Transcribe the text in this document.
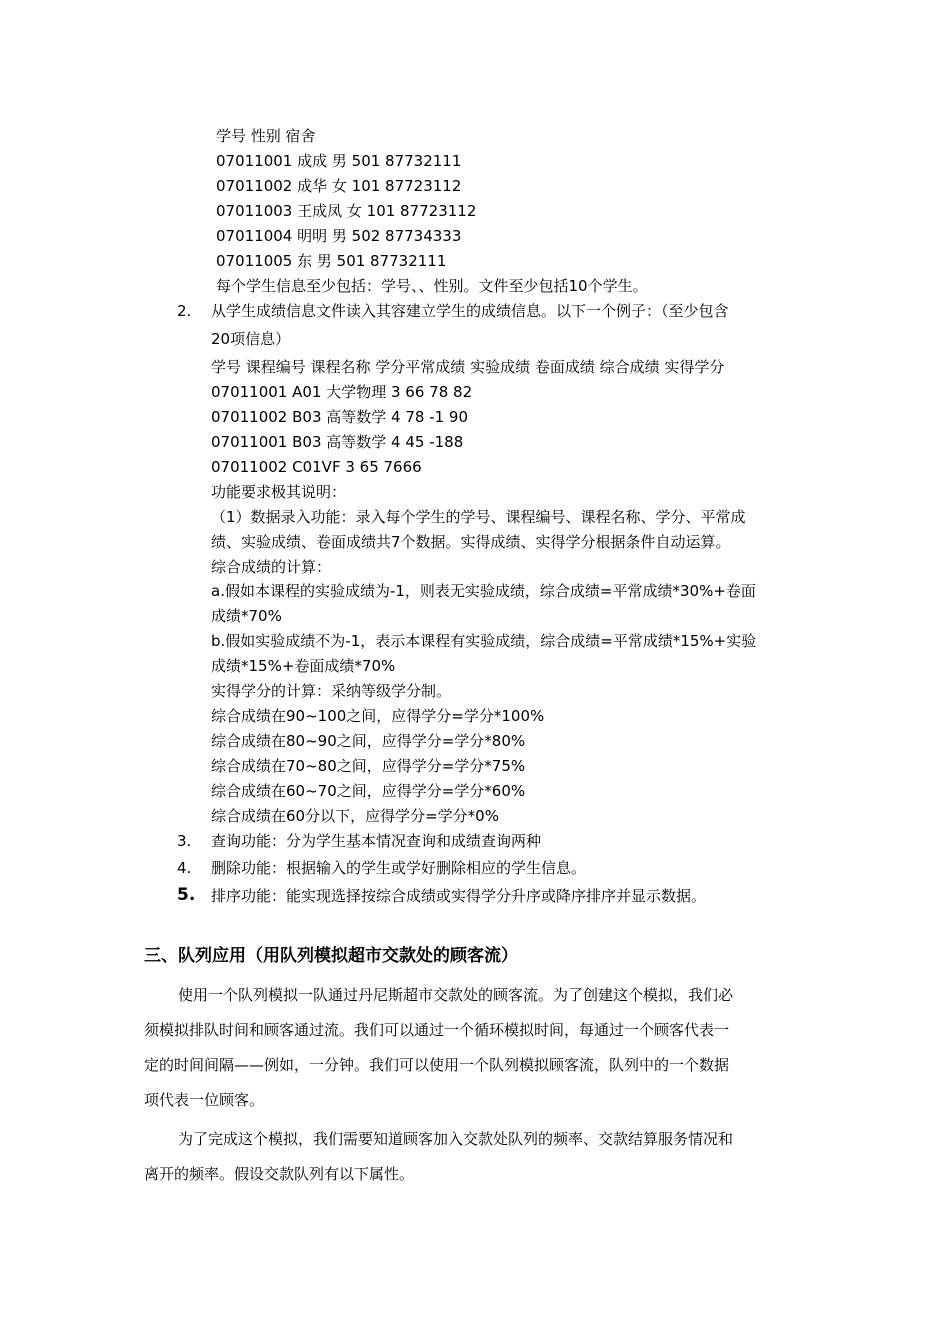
学号 性别 宿舍
07011001 成成 男 501 87732111
07011002 成华 女 101 87723112
07011003 王成凤 女 101 87723112
07011004 明明 男 502 87734333
07011005 东 男 501 87732111
每个学生信息至少包括：学号、、性别。文件至少包括10个学生。
2. 从学生成绩信息文件读入其容建立学生的成绩信息。以下一个例子：（至少包含
20项信息）
学号 课程编号 课程名称 学分平常成绩 实验成绩 卷面成绩 综合成绩 实得学分
07011001 A01 大学物理 3 66 78 82
07011002 B03 高等数学 4 78 -1 90
07011001 B03 高等数学 4 45 -188
07011002 C01VF 3 65 7666
功能要求极其说明：
（1）数据录入功能：录入每个学生的学号、课程编号、课程名称、学分、平常成
绩、实验成绩、卷面成绩共7个数据。实得成绩、实得学分根据条件自动运算。
综合成绩的计算：
a.假如本课程的实验成绩为-1，则表无实验成绩，综合成绩=平常成绩*30%+卷面
成绩*70%
b.假如实验成绩不为-1，表示本课程有实验成绩，综合成绩=平常成绩*15%+实验
成绩*15%+卷面成绩*70%
实得学分的计算：采纳等级学分制。
综合成绩在90~100之间，应得学分=学分*100%
综合成绩在80~90之间，应得学分=学分*80%
综合成绩在70~80之间，应得学分=学分*75%
综合成绩在60~70之间，应得学分=学分*60%
综合成绩在60分以下，应得学分=学分*0%
3. 查询功能：分为学生基本情况查询和成绩查询两种
4. 删除功能：根据输入的学生或学好删除相应的学生信息。
5. 排序功能：能实现选择按综合成绩或实得学分升序或降序排序并显示数据。
三、队列应用（用队列模拟超市交款处的顾客流）
使用一个队列模拟一队通过丹尼斯超市交款处的顾客流。为了创建这个模拟，我们必
须模拟排队时间和顾客通过流。我们可以通过一个循环模拟时间，每通过一个顾客代表一
定的时间间隔——例如，一分钟。我们可以使用一个队列模拟顾客流，队列中的一个数据
项代表一位顾客。
为了完成这个模拟，我们需要知道顾客加入交款处队列的频率、交款结算服务情况和
离开的频率。假设交款队列有以下属性。
